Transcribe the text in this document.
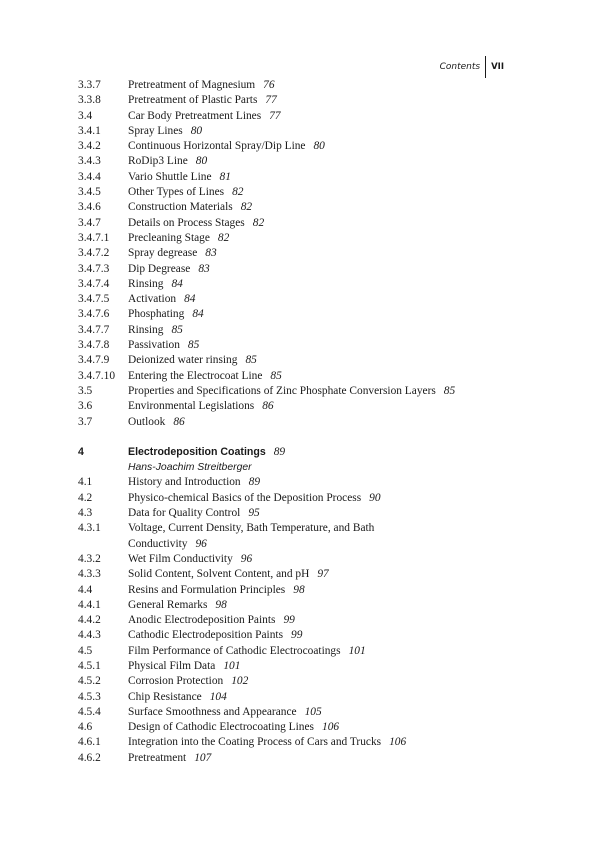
Contents VII
3.3.7	Pretreatment of Magnesium 76
3.3.8	Pretreatment of Plastic Parts 77
3.4	Car Body Pretreatment Lines 77
3.4.1	Spray Lines 80
3.4.2	Continuous Horizontal Spray/Dip Line 80
3.4.3	RoDip3 Line 80
3.4.4	Vario Shuttle Line 81
3.4.5	Other Types of Lines 82
3.4.6	Construction Materials 82
3.4.7	Details on Process Stages 82
3.4.7.1	Precleaning Stage 82
3.4.7.2	Spray degrease 83
3.4.7.3	Dip Degrease 83
3.4.7.4	Rinsing 84
3.4.7.5	Activation 84
3.4.7.6	Phosphating 84
3.4.7.7	Rinsing 85
3.4.7.8	Passivation 85
3.4.7.9	Deionized water rinsing 85
3.4.7.10	Entering the Electrocoat Line 85
3.5	Properties and Specifications of Zinc Phosphate Conversion Layers 85
3.6	Environmental Legislations 86
3.7	Outlook 86
4	Electrodeposition Coatings 89
Hans-Joachim Streitberger
4.1	History and Introduction 89
4.2	Physico-chemical Basics of the Deposition Process 90
4.3	Data for Quality Control 95
4.3.1	Voltage, Current Density, Bath Temperature, and Bath
Conductivity 96
4.3.2	Wet Film Conductivity 96
4.3.3	Solid Content, Solvent Content, and pH 97
4.4	Resins and Formulation Principles 98
4.4.1	General Remarks 98
4.4.2	Anodic Electrodeposition Paints 99
4.4.3	Cathodic Electrodeposition Paints 99
4.5	Film Performance of Cathodic Electrocoatings 101
4.5.1	Physical Film Data 101
4.5.2	Corrosion Protection 102
4.5.3	Chip Resistance 104
4.5.4	Surface Smoothness and Appearance 105
4.6	Design of Cathodic Electrocoating Lines 106
4.6.1	Integration into the Coating Process of Cars and Trucks 106
4.6.2	Pretreatment 107
